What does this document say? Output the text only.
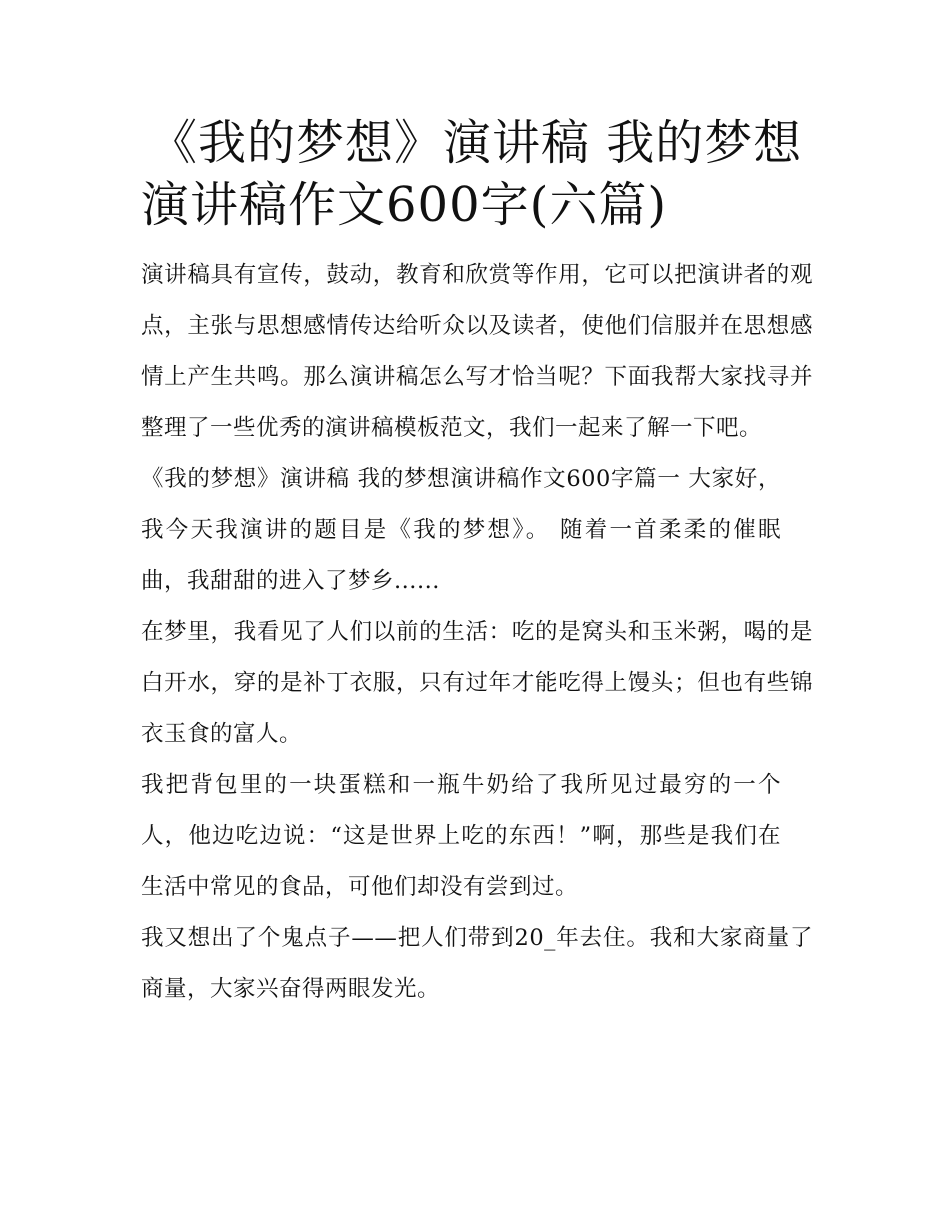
《我的梦想》演讲稿 我的梦想
演讲稿作文600字(六篇)

演讲稿具有宣传，鼓动，教育和欣赏等作用，它可以把演讲者的观点，主张与思想感情传达给听众以及读者，使他们信服并在思想感情上产生共鸣。那么演讲稿怎么写才恰当呢？下面我帮大家找寻并整理了一些优秀的演讲稿模板范文，我们一起来了解一下吧。

《我的梦想》演讲稿 我的梦想演讲稿作文600字篇一 大家好，我今天我演讲的题目是《我的梦想》。 随着一首柔柔的催眠曲，我甜甜的进入了梦乡......

在梦里，我看见了人们以前的生活：吃的是窝头和玉米粥，喝的是白开水，穿的是补丁衣服，只有过年才能吃得上馒头；但也有些锦衣玉食的富人。

我把背包里的一块蛋糕和一瓶牛奶给了我所见过最穷的一个人，他边吃边说：“这是世界上吃的东西！”啊，那些是我们在生活中常见的食品，可他们却没有尝到过。

我又想出了个鬼点子——把人们带到20_年去住。我和大家商量了商量，大家兴奋得两眼发光。
